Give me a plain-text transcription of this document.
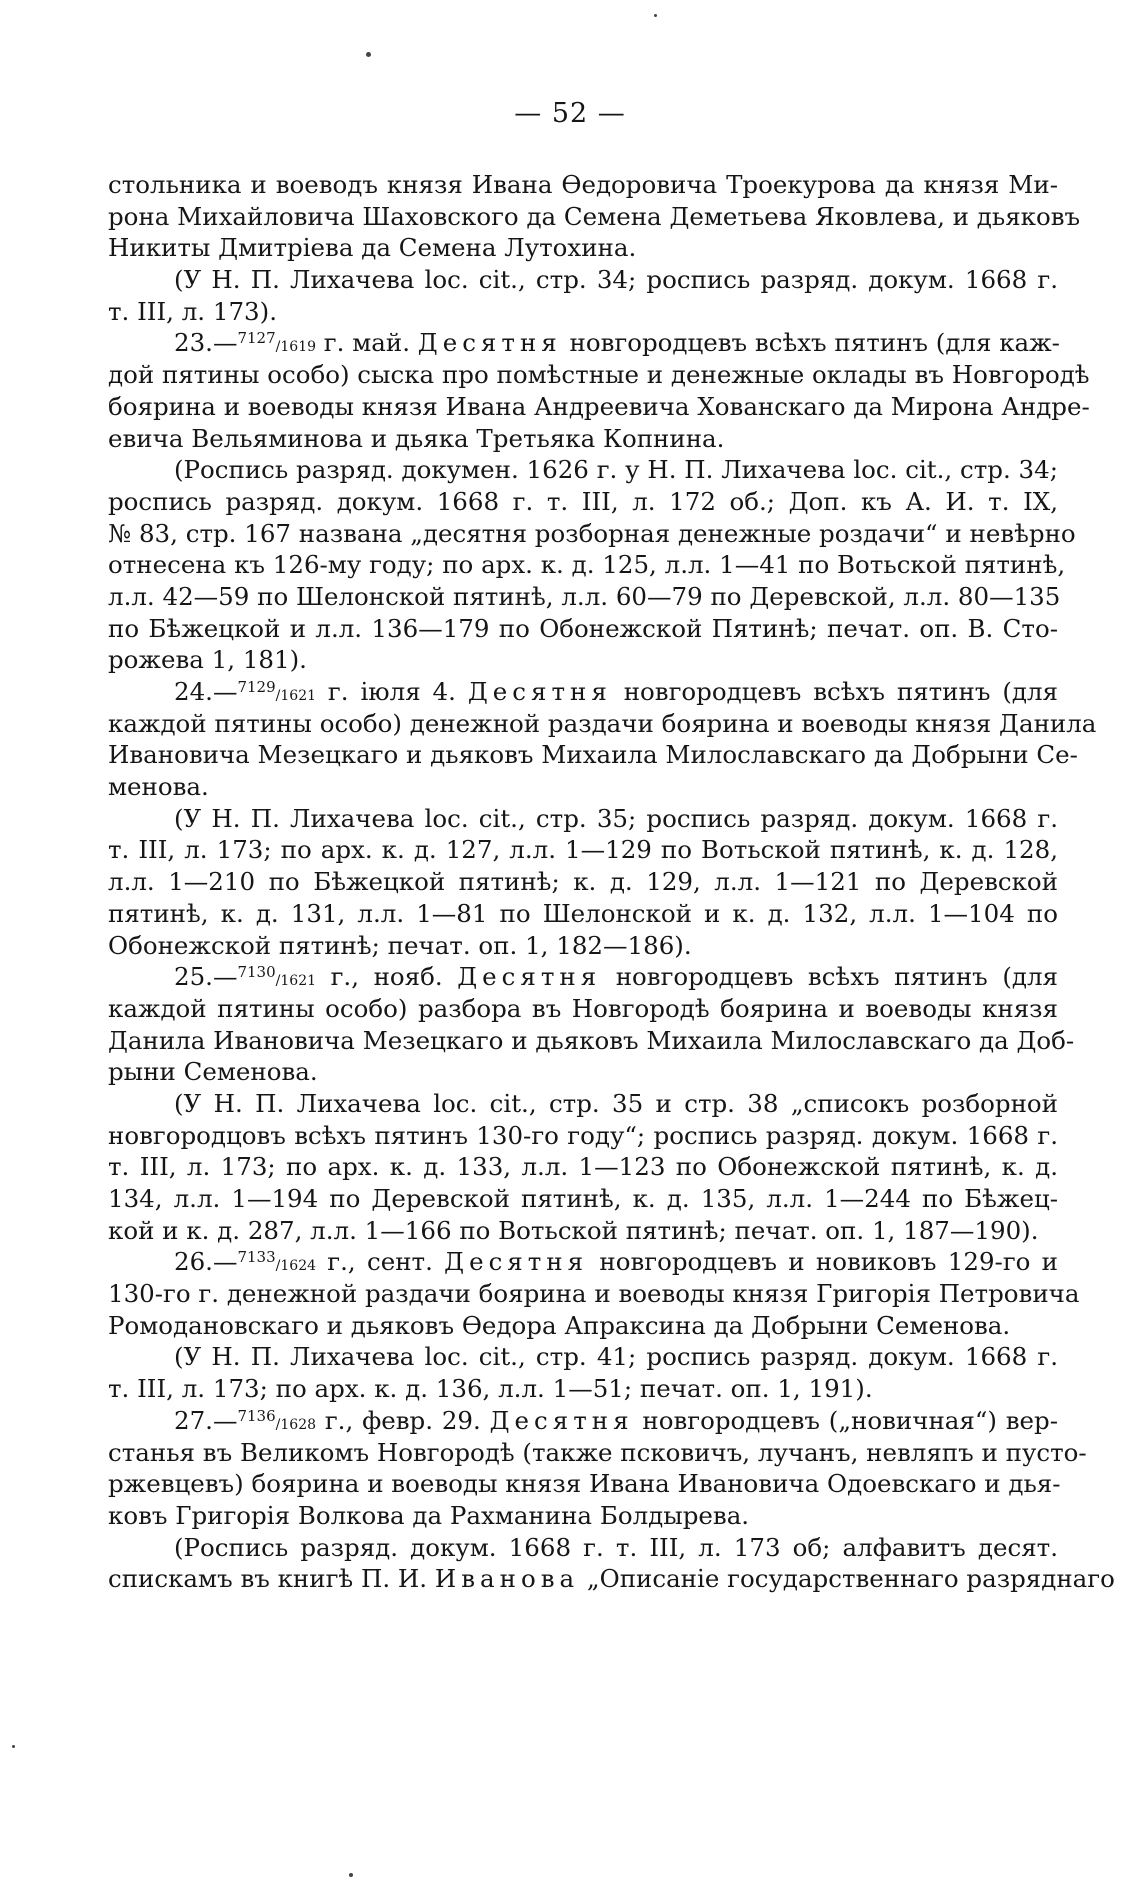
— 52 —
стольника и воеводъ князя Ивана Ѳедоровича Троекурова да князя Ми-
рона Михайловича Шаховского да Семена Деметьева Яковлева, и дьяковъ
Никиты Дмитріева да Семена Лутохина.
(У Н. П. Лихачева loc. cit., стр. 34; роспись разряд. докум. 1668 г.
т. III, л. 173).
23.—$^{7127}$/1619 г. май. Десятня новгородцевъ всѣхъ пятинъ (для каж-
дой пятины особо) сыска про помѣстные и денежные оклады въ Новгородѣ
боярина и воеводы князя Ивана Андреевича Хованскаго да Мирона Андре-
евича Вельяминова и дьяка Третьяка Копнина.
(Роспись разряд. докумен. 1626 г. у Н. П. Лихачева loc. cit., стр. 34;
роспись разряд. докум. 1668 г. т. III, л. 172 об.; Доп. къ А. И. т. IX,
№ 83, стр. 167 названа „десятня розборная денежные роздачи“ и невѣрно
отнесена къ 126-му году; по арх. к. д. 125, л.л. 1—41 по Вотьской пятинѣ,
л.л. 42—59 по Шелонской пятинѣ, л.л. 60—79 по Деревской, л.л. 80—135
по Бѣжецкой и л.л. 136—179 по Обонежской Пятинѣ; печат. оп. В. Сто-
рожева 1, 181).
24.—$^{7129}$/1621 г. іюля 4. Десятня новгородцевъ всѣхъ пятинъ (для
каждой пятины особо) денежной раздачи боярина и воеводы князя Данила
Ивановича Мезецкаго и дьяковъ Михаила Милославскаго да Добрыни Се-
менова.
(У Н. П. Лихачева loc. cit., стр. 35; роспись разряд. докум. 1668 г.
т. III, л. 173; по арх. к. д. 127, л.л. 1—129 по Вотьской пятинѣ, к. д. 128,
л.л. 1—210 по Бѣжецкой пятинѣ; к. д. 129, л.л. 1—121 по Деревской
пятинѣ, к. д. 131, л.л. 1—81 по Шелонской и к. д. 132, л.л. 1—104 по
Обонежской пятинѣ; печат. оп. 1, 182—186).
25.—$^{7130}$/1621 г., нояб. Десятня новгородцевъ всѣхъ пятинъ (для
каждой пятины особо) разбора въ Новгородѣ боярина и воеводы князя
Данила Ивановича Мезецкаго и дьяковъ Михаила Милославскаго да Доб-
рыни Семенова.
(У Н. П. Лихачева loc. cit., стр. 35 и стр. 38 „списокъ розборной
новгородцовъ всѣхъ пятинъ 130-го году“; роспись разряд. докум. 1668 г.
т. III, л. 173; по арх. к. д. 133, л.л. 1—123 по Обонежской пятинѣ, к. д.
134, л.л. 1—194 по Деревской пятинѣ, к. д. 135, л.л. 1—244 по Бѣжец-
кой и к. д. 287, л.л. 1—166 по Вотьской пятинѣ; печат. оп. 1, 187—190).
26.—$^{7133}$/1624 г., сент. Десятня новгородцевъ и новиковъ 129-го и
130-го г. денежной раздачи боярина и воеводы князя Григорія Петровича
Ромодановскаго и дьяковъ Ѳедора Апраксина да Добрыни Семенова.
(У Н. П. Лихачева loc. cit., стр. 41; роспись разряд. докум. 1668 г.
т. III, л. 173; по арх. к. д. 136, л.л. 1—51; печат. оп. 1, 191).
27.—$^{7136}$/1628 г., февр. 29. Десятня новгородцевъ („новичная“) вер-
станья въ Великомъ Новгородѣ (также псковичъ, лучанъ, невляпъ и пусто-
ржевцевъ) боярина и воеводы князя Ивана Ивановича Одоевскаго и дья-
ковъ Григорія Волкова да Рахманина Болдырева.
(Роспись разряд. докум. 1668 г. т. III, л. 173 об; алфавитъ десят.
спискамъ въ книгѣ П. И. Иванова „Описаніе государственнаго разряднаго
